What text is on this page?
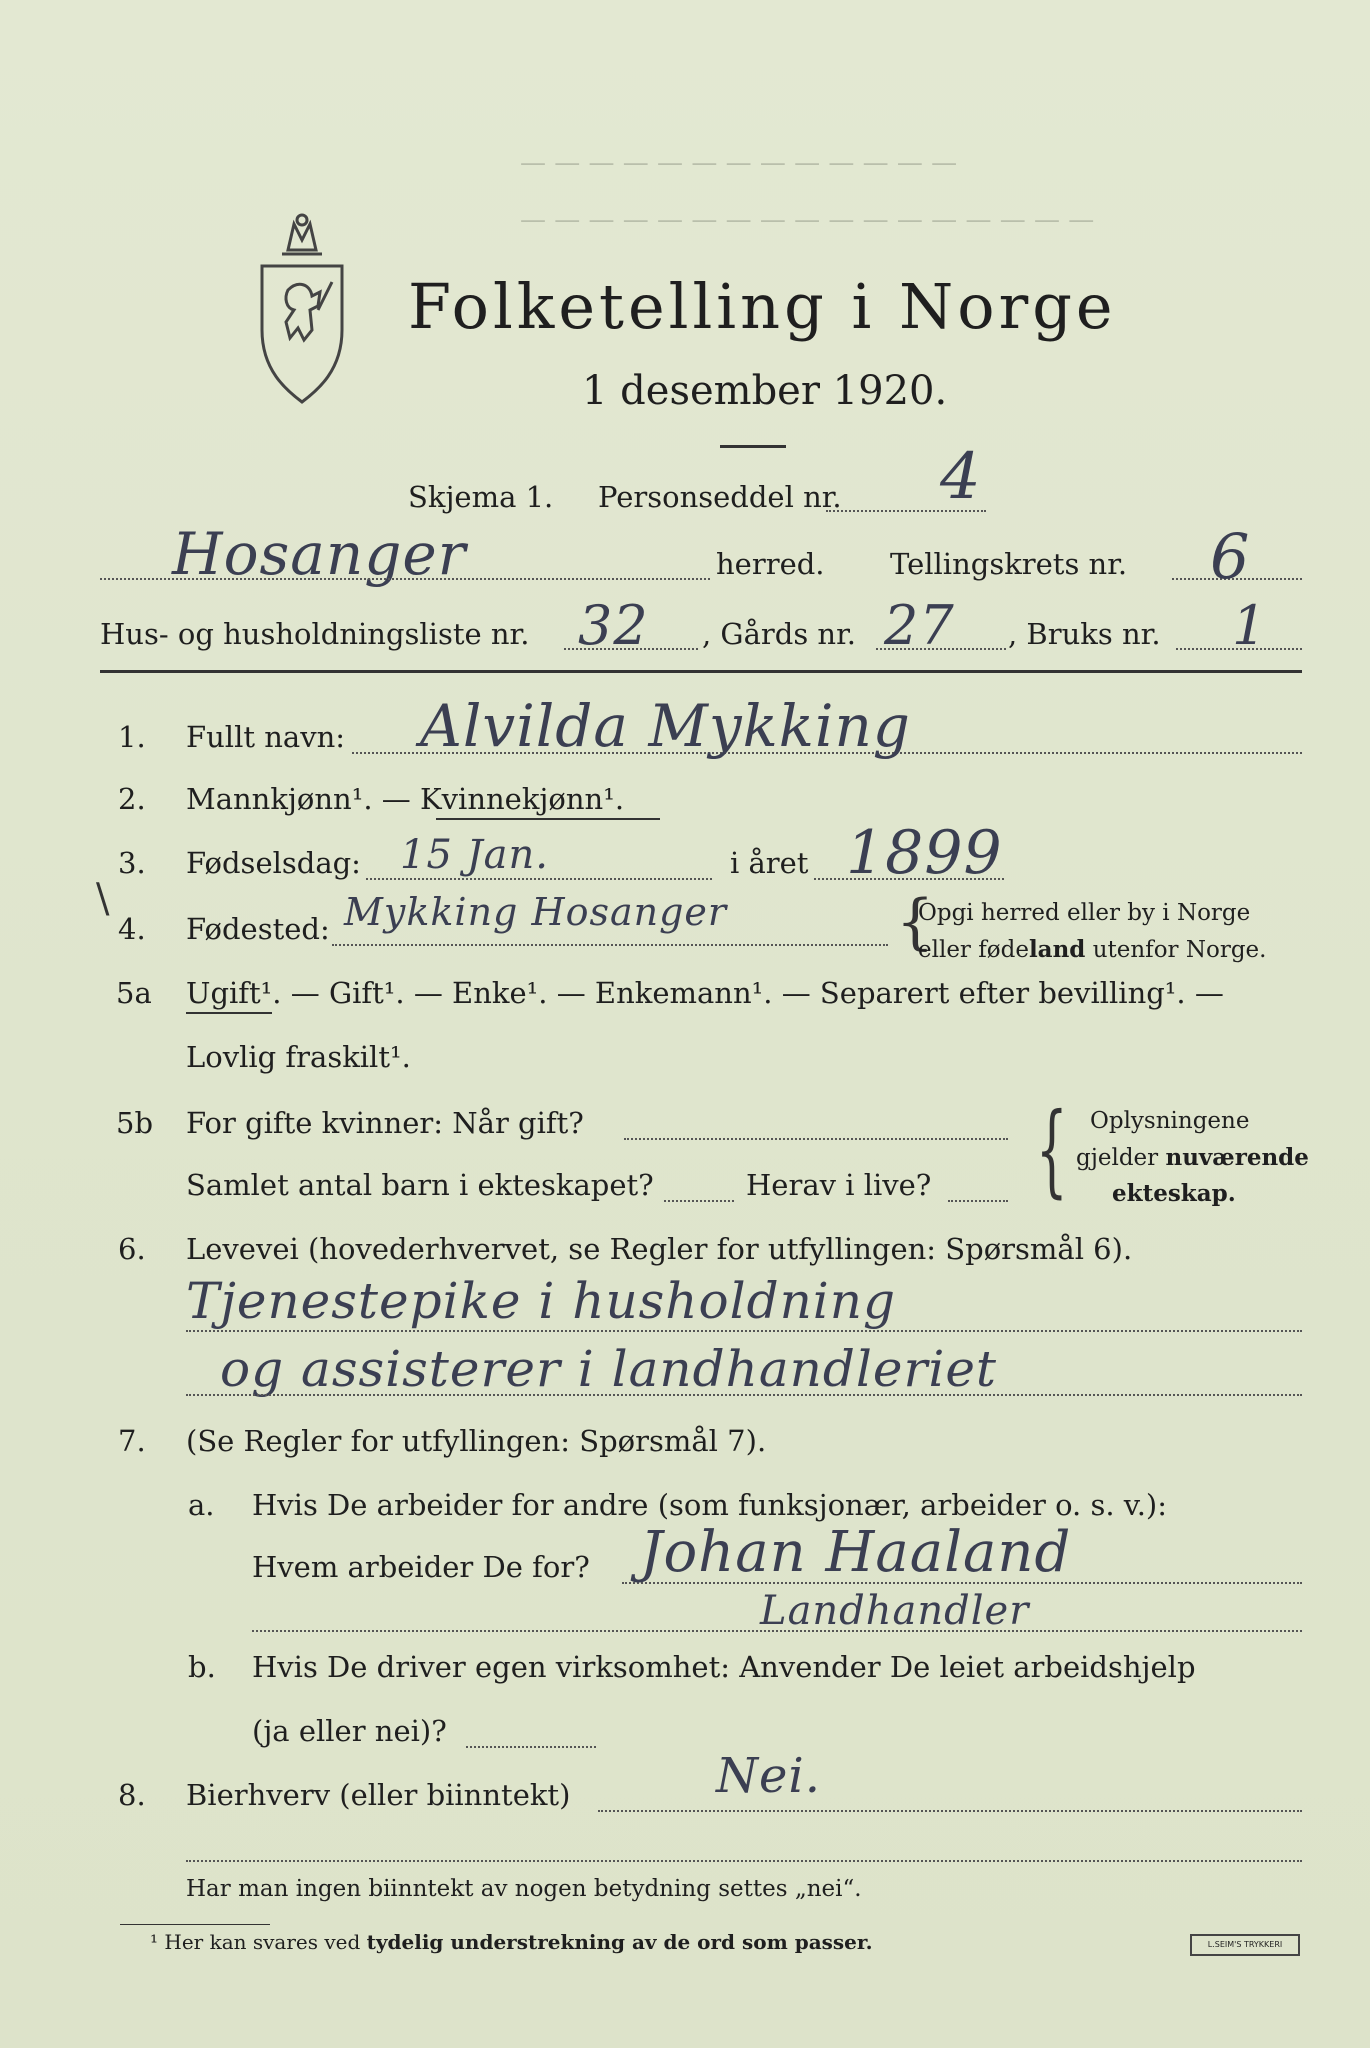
— — — — — — — — — — — — —
— — — — — — — — — — — — — — — — —
Folketelling i Norge
1 desember 1920.
Skjema 1. Personseddel nr. 4
Hosanger	herred. Tellingskrets nr. 6
Hus- og husholdningsliste nr. 32 , Gårds nr. 27 , Bruks nr. 1
1. Fullt navn: Alvilda Mykking
2. Mannkjønn¹. — Kvinnekjønn¹.
3. Fødselsdag: 15 Jan.	i året 1899
4.
\
Fødested: Mykking Hosanger	{
Opgi herred eller by i Norge
eller fødeland utenfor Norge.
5a Ugift¹. — Gift¹. — Enke¹. — Enkemann¹. — Separert efter bevilling¹. —
Lovlig fraskilt¹.
5b For gifte kvinner: Når gift?
Samlet antal barn i ekteskapet?	Herav i live? { Oplysningene
gjelder nuværende
ekteskap.
6. Levevei (hovederhvervet, se Regler for utfyllingen: Spørsmål 6).
Tjenestepike i husholdning
og assisterer i landhandleriet
7. (Se Regler for utfyllingen: Spørsmål 7).
a. Hvis De arbeider for andre (som funksjonær, arbeider o. s. v.):
Hvem arbeider De for? Johan Haaland
Landhandler
b. Hvis De driver egen virksomhet: Anvender De leiet arbeidshjelp
(ja eller nei)?
8. Bierhverv (eller biinntekt)	Nei.
Har man ingen biinntekt av nogen betydning settes „nei“.
¹ Her kan svares ved tydelig understrekning av de ord som passer.	L.SEIM'S TRYKKERI
